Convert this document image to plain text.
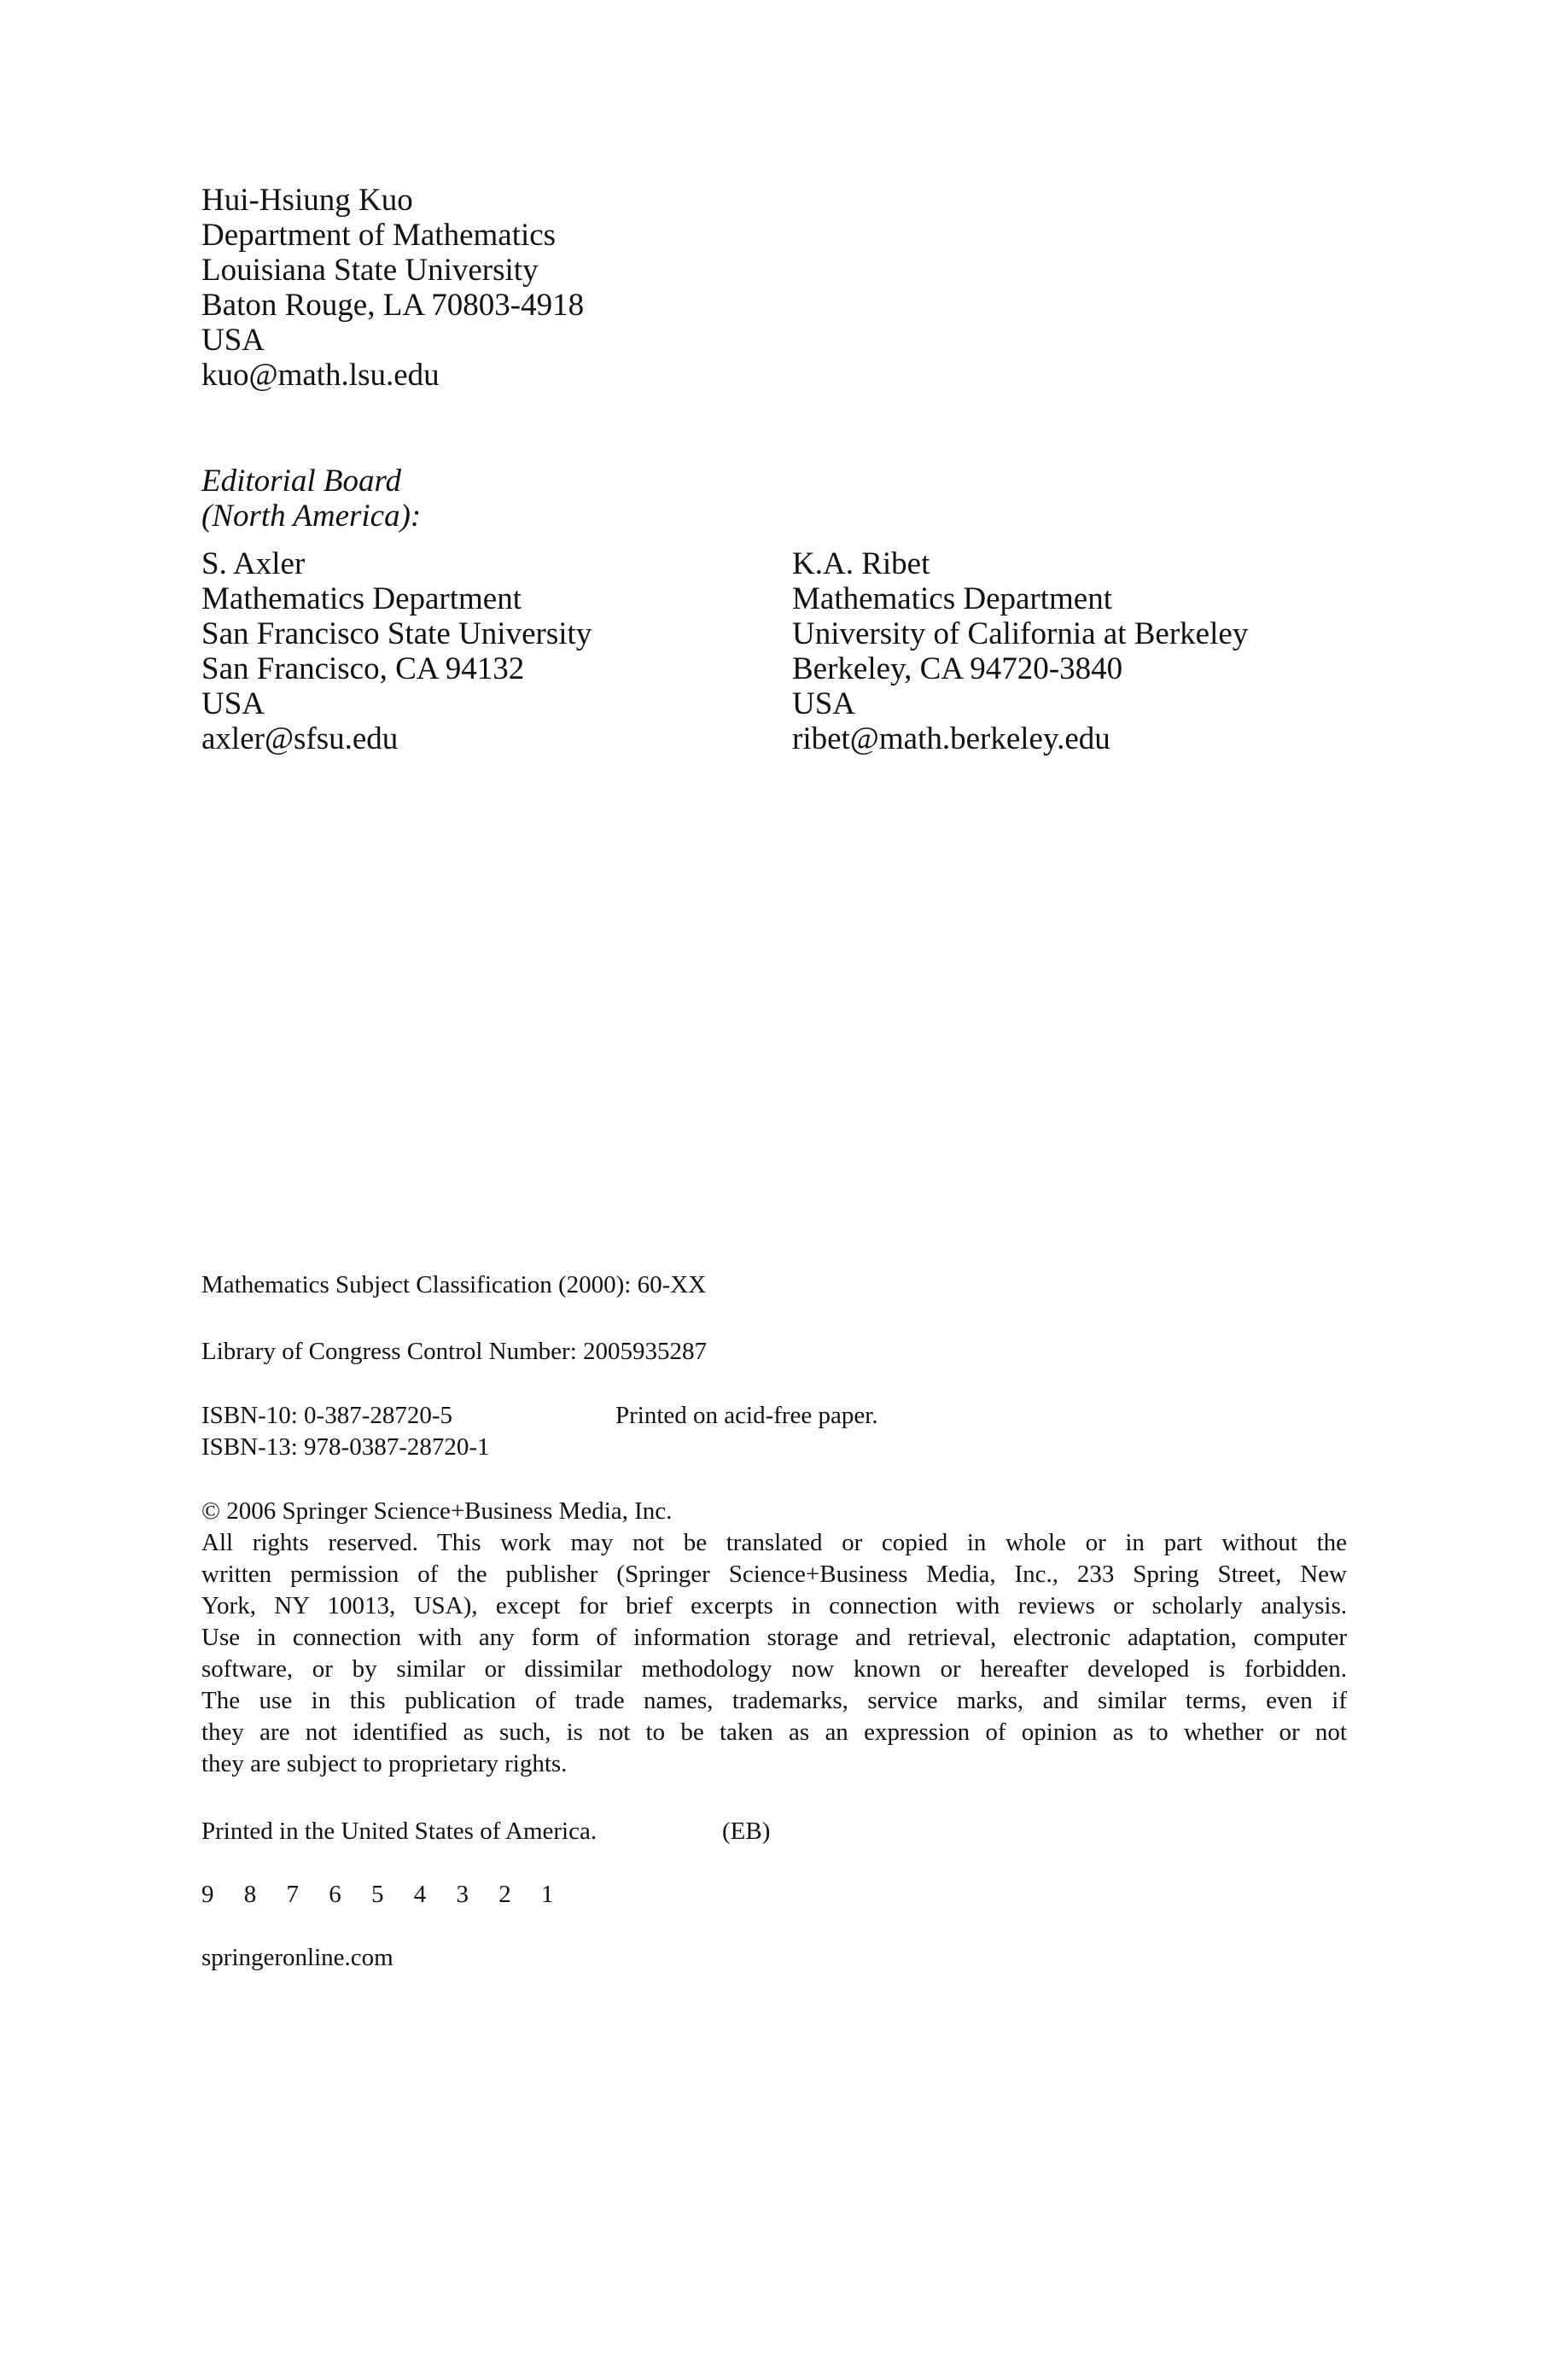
Hui-Hsiung Kuo
Department of Mathematics
Louisiana State University
Baton Rouge, LA 70803-4918
USA
kuo@math.lsu.edu
Editorial Board
(North America):
S. Axler
Mathematics Department
San Francisco State University
San Francisco, CA 94132
USA
axler@sfsu.edu
K.A. Ribet
Mathematics Department
University of California at Berkeley
Berkeley, CA 94720-3840
USA
ribet@math.berkeley.edu
Mathematics Subject Classification (2000): 60-XX
Library of Congress Control Number: 2005935287
ISBN-10: 0-387-28720-5
ISBN-13: 978-0387-28720-1
Printed on acid-free paper.
© 2006 Springer Science+Business Media, Inc.
All rights reserved. This work may not be translated or copied in whole or in part without the
written permission of the publisher (Springer Science+Business Media, Inc., 233 Spring Street, New
York, NY 10013, USA), except for brief excerpts in connection with reviews or scholarly analysis.
Use in connection with any form of information storage and retrieval, electronic adaptation, computer
software, or by similar or dissimilar methodology now known or hereafter developed is forbidden.
The use in this publication of trade names, trademarks, service marks, and similar terms, even if
they are not identified as such, is not to be taken as an expression of opinion as to whether or not
they are subject to proprietary rights.
Printed in the United States of America.	(EB)
9 8 7 6 5 4 3 2 1
springeronline.com
